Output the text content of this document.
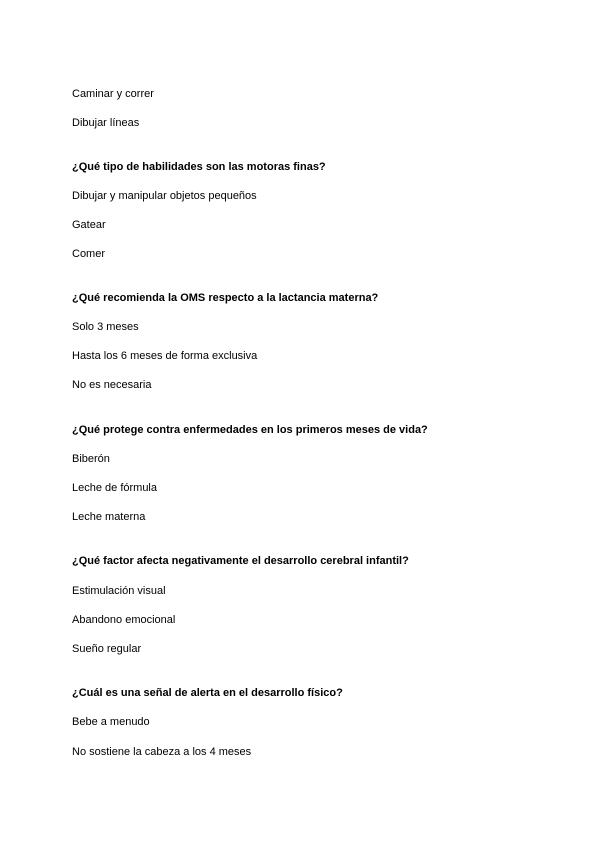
Caminar y correr
Dibujar líneas
¿Qué tipo de habilidades son las motoras finas?
Dibujar y manipular objetos pequeños
Gatear
Comer
¿Qué recomienda la OMS respecto a la lactancia materna?
Solo 3 meses
Hasta los 6 meses de forma exclusiva
No es necesaria
¿Qué protege contra enfermedades en los primeros meses de vida?
Biberón
Leche de fórmula
Leche materna
¿Qué factor afecta negativamente el desarrollo cerebral infantil?
Estimulación visual
Abandono emocional
Sueño regular
¿Cuál es una señal de alerta en el desarrollo físico?
Bebe a menudo
No sostiene la cabeza a los 4 meses
